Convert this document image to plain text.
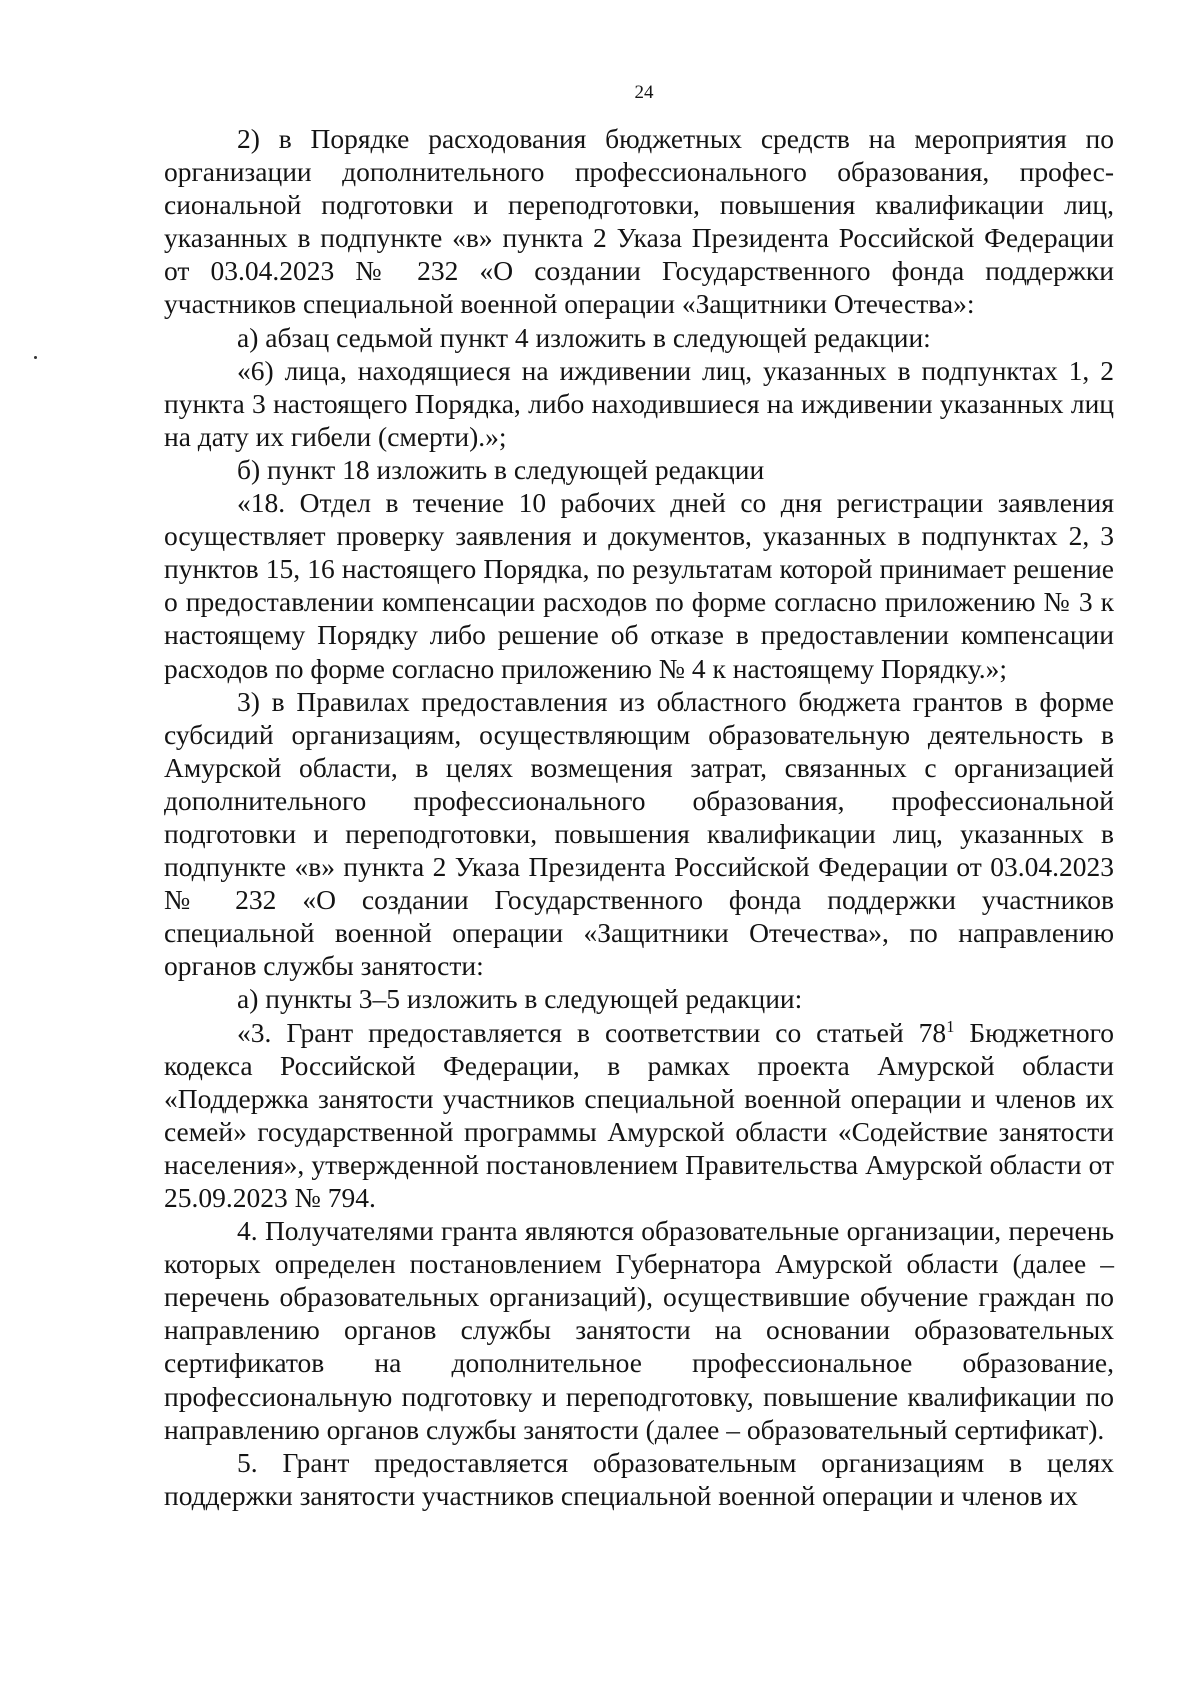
24

2) в Порядке расходования бюджетных средств на мероприятия по организации дополнительного профессионального образования, профессиональной подготовки и переподготовки, повышения квалификации лиц, указанных в подпункте «в» пункта 2 Указа Президента Российской Федерации от 03.04.2023 № 232 «О создании Государственного фонда поддержки участников специальной военной операции «Защитники Отечества»:

а) абзац седьмой пункт 4 изложить в следующей редакции:

«6) лица, находящиеся на иждивении лиц, указанных в подпунктах 1, 2 пункта 3 настоящего Порядка, либо находившиеся на иждивении указанных лиц на дату их гибели (смерти).»;

б) пункт 18 изложить в следующей редакции

«18. Отдел в течение 10 рабочих дней со дня регистрации заявления осуществляет проверку заявления и документов, указанных в подпунктах 2, 3 пунктов 15, 16 настоящего Порядка, по результатам которой принимает решение о предоставлении компенсации расходов по форме согласно приложению № 3 к настоящему Порядку либо решение об отказе в предоставлении компенсации расходов по форме согласно приложению № 4 к настоящему Порядку.»;

3) в Правилах предоставления из областного бюджета грантов в форме субсидий организациям, осуществляющим образовательную деятельность в Амурской области, в целях возмещения затрат, связанных с организацией дополнительного профессионального образования, профессиональной подготовки и переподготовки, повышения квалификации лиц, указанных в подпункте «в» пункта 2 Указа Президента Российской Федерации от 03.04.2023 № 232 «О создании Государственного фонда поддержки участников специальной военной операции «Защитники Отечества», по направлению органов службы занятости:

а) пункты 3–5 изложить в следующей редакции:

«3. Грант предоставляется в соответствии со статьей $78^1$ Бюджетного кодекса Российской Федерации, в рамках проекта Амурской области «Поддержка занятости участников специальной военной операции и членов их семей» государственной программы Амурской области «Содействие занятости населения», утвержденной постановлением Правительства Амурской области от 25.09.2023 № 794.

4. Получателями гранта являются образовательные организации, перечень которых определен постановлением Губернатора Амурской области (далее – перечень образовательных организаций), осуществившие обучение граждан по направлению органов службы занятости на основании образовательных сертификатов на дополнительное профессиональное образование, профессиональную подготовку и переподготовку, повышение квалификации по направлению органов службы занятости (далее – образовательный сертификат).

5. Грант предоставляется образовательным организациям в целях поддержки занятости участников специальной военной операции и членов их
